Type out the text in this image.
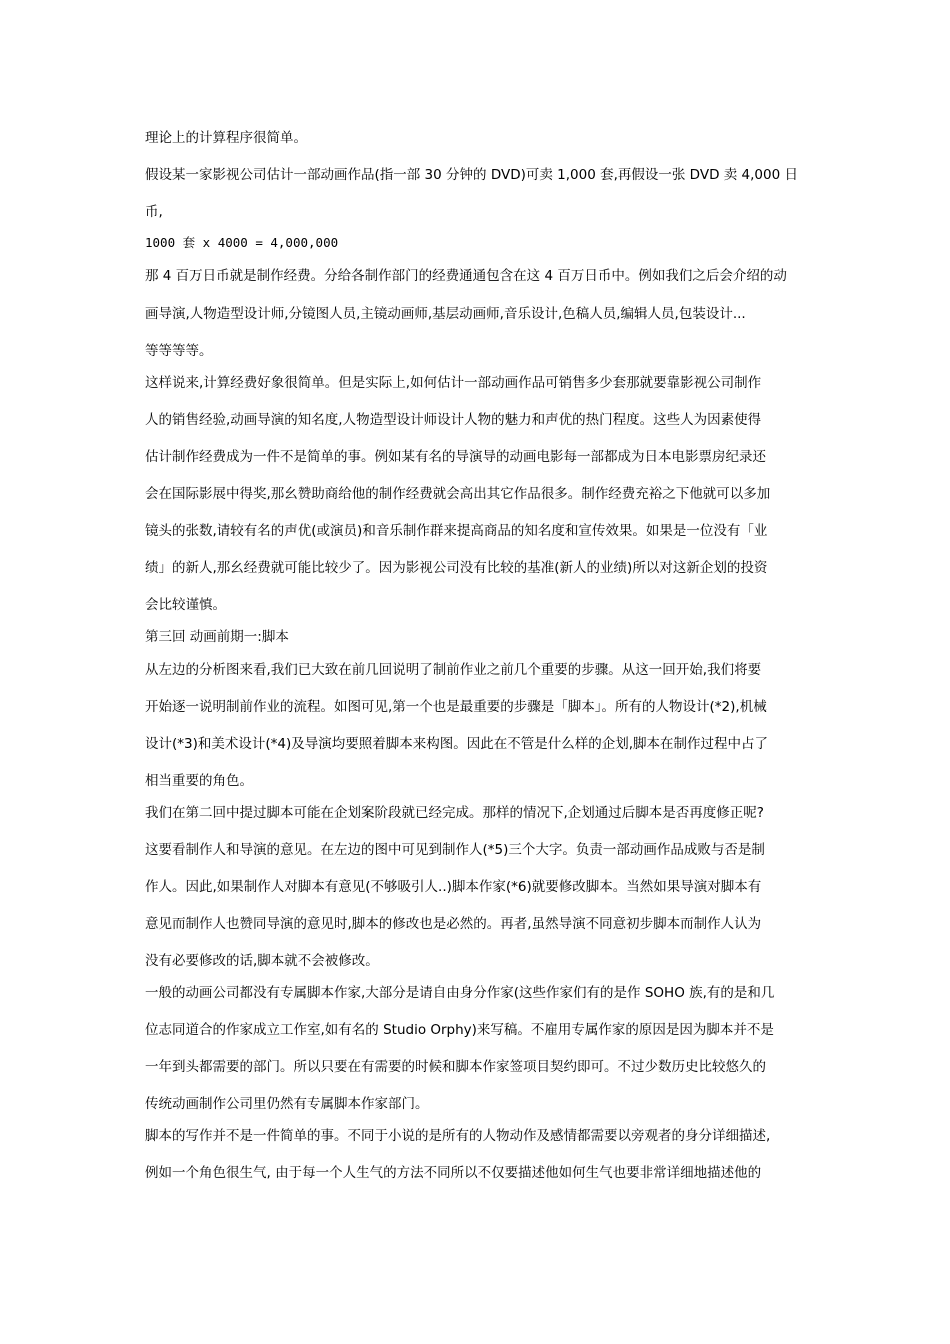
理论上的计算程序很简单。
假设某一家影视公司估计一部动画作品(指一部 30 分钟的 DVD)可卖 1,000 套,再假设一张 DVD 卖 4,000 日
币,
1000 套 x 4000 = 4,000,000
那 4 百万日币就是制作经费。分给各制作部门的经费通通包含在这 4 百万日币中。例如我们之后会介绍的动
画导演,人物造型设计师,分镜图人员,主镜动画师,基层动画师,音乐设计,色稿人员,编辑人员,包装设计...
等等等等。
这样说来,计算经费好象很简单。但是实际上,如何估计一部动画作品可销售多少套那就要靠影视公司制作
人的销售经验,动画导演的知名度,人物造型设计师设计人物的魅力和声优的热门程度。这些人为因素使得
估计制作经费成为一件不是简单的事。例如某有名的导演导的动画电影每一部都成为日本电影票房纪录还
会在国际影展中得奖,那幺赞助商给他的制作经费就会高出其它作品很多。制作经费充裕之下他就可以多加
镜头的张数,请较有名的声优(或演员)和音乐制作群来提高商品的知名度和宣传效果。如果是一位没有「业
绩」的新人,那幺经费就可能比较少了。因为影视公司没有比较的基准(新人的业绩)所以对这新企划的投资
会比较谨慎。
第三回 动画前期一:脚本
从左边的分析图来看,我们已大致在前几回说明了制前作业之前几个重要的步骤。从这一回开始,我们将要
开始逐一说明制前作业的流程。如图可见,第一个也是最重要的步骤是「脚本」。所有的人物设计(*2),机械
设计(*3)和美术设计(*4)及导演均要照着脚本来构图。因此在不管是什么样的企划,脚本在制作过程中占了
相当重要的角色。
我们在第二回中提过脚本可能在企划案阶段就已经完成。那样的情况下,企划通过后脚本是否再度修正呢?
这要看制作人和导演的意见。在左边的图中可见到制作人(*5)三个大字。负责一部动画作品成败与否是制
作人。因此,如果制作人对脚本有意见(不够吸引人..)脚本作家(*6)就要修改脚本。当然如果导演对脚本有
意见而制作人也赞同导演的意见时,脚本的修改也是必然的。再者,虽然导演不同意初步脚本而制作人认为
没有必要修改的话,脚本就不会被修改。
一般的动画公司都没有专属脚本作家,大部分是请自由身分作家(这些作家们有的是作 SOHO 族,有的是和几
位志同道合的作家成立工作室,如有名的 Studio Orphy)来写稿。不雇用专属作家的原因是因为脚本并不是
一年到头都需要的部门。所以只要在有需要的时候和脚本作家签项目契约即可。不过少数历史比较悠久的
传统动画制作公司里仍然有专属脚本作家部门。
脚本的写作并不是一件简单的事。不同于小说的是所有的人物动作及感情都需要以旁观者的身分详细描述,
例如一个角色很生气, 由于每一个人生气的方法不同所以不仅要描述他如何生气也要非常详细地描述他的
